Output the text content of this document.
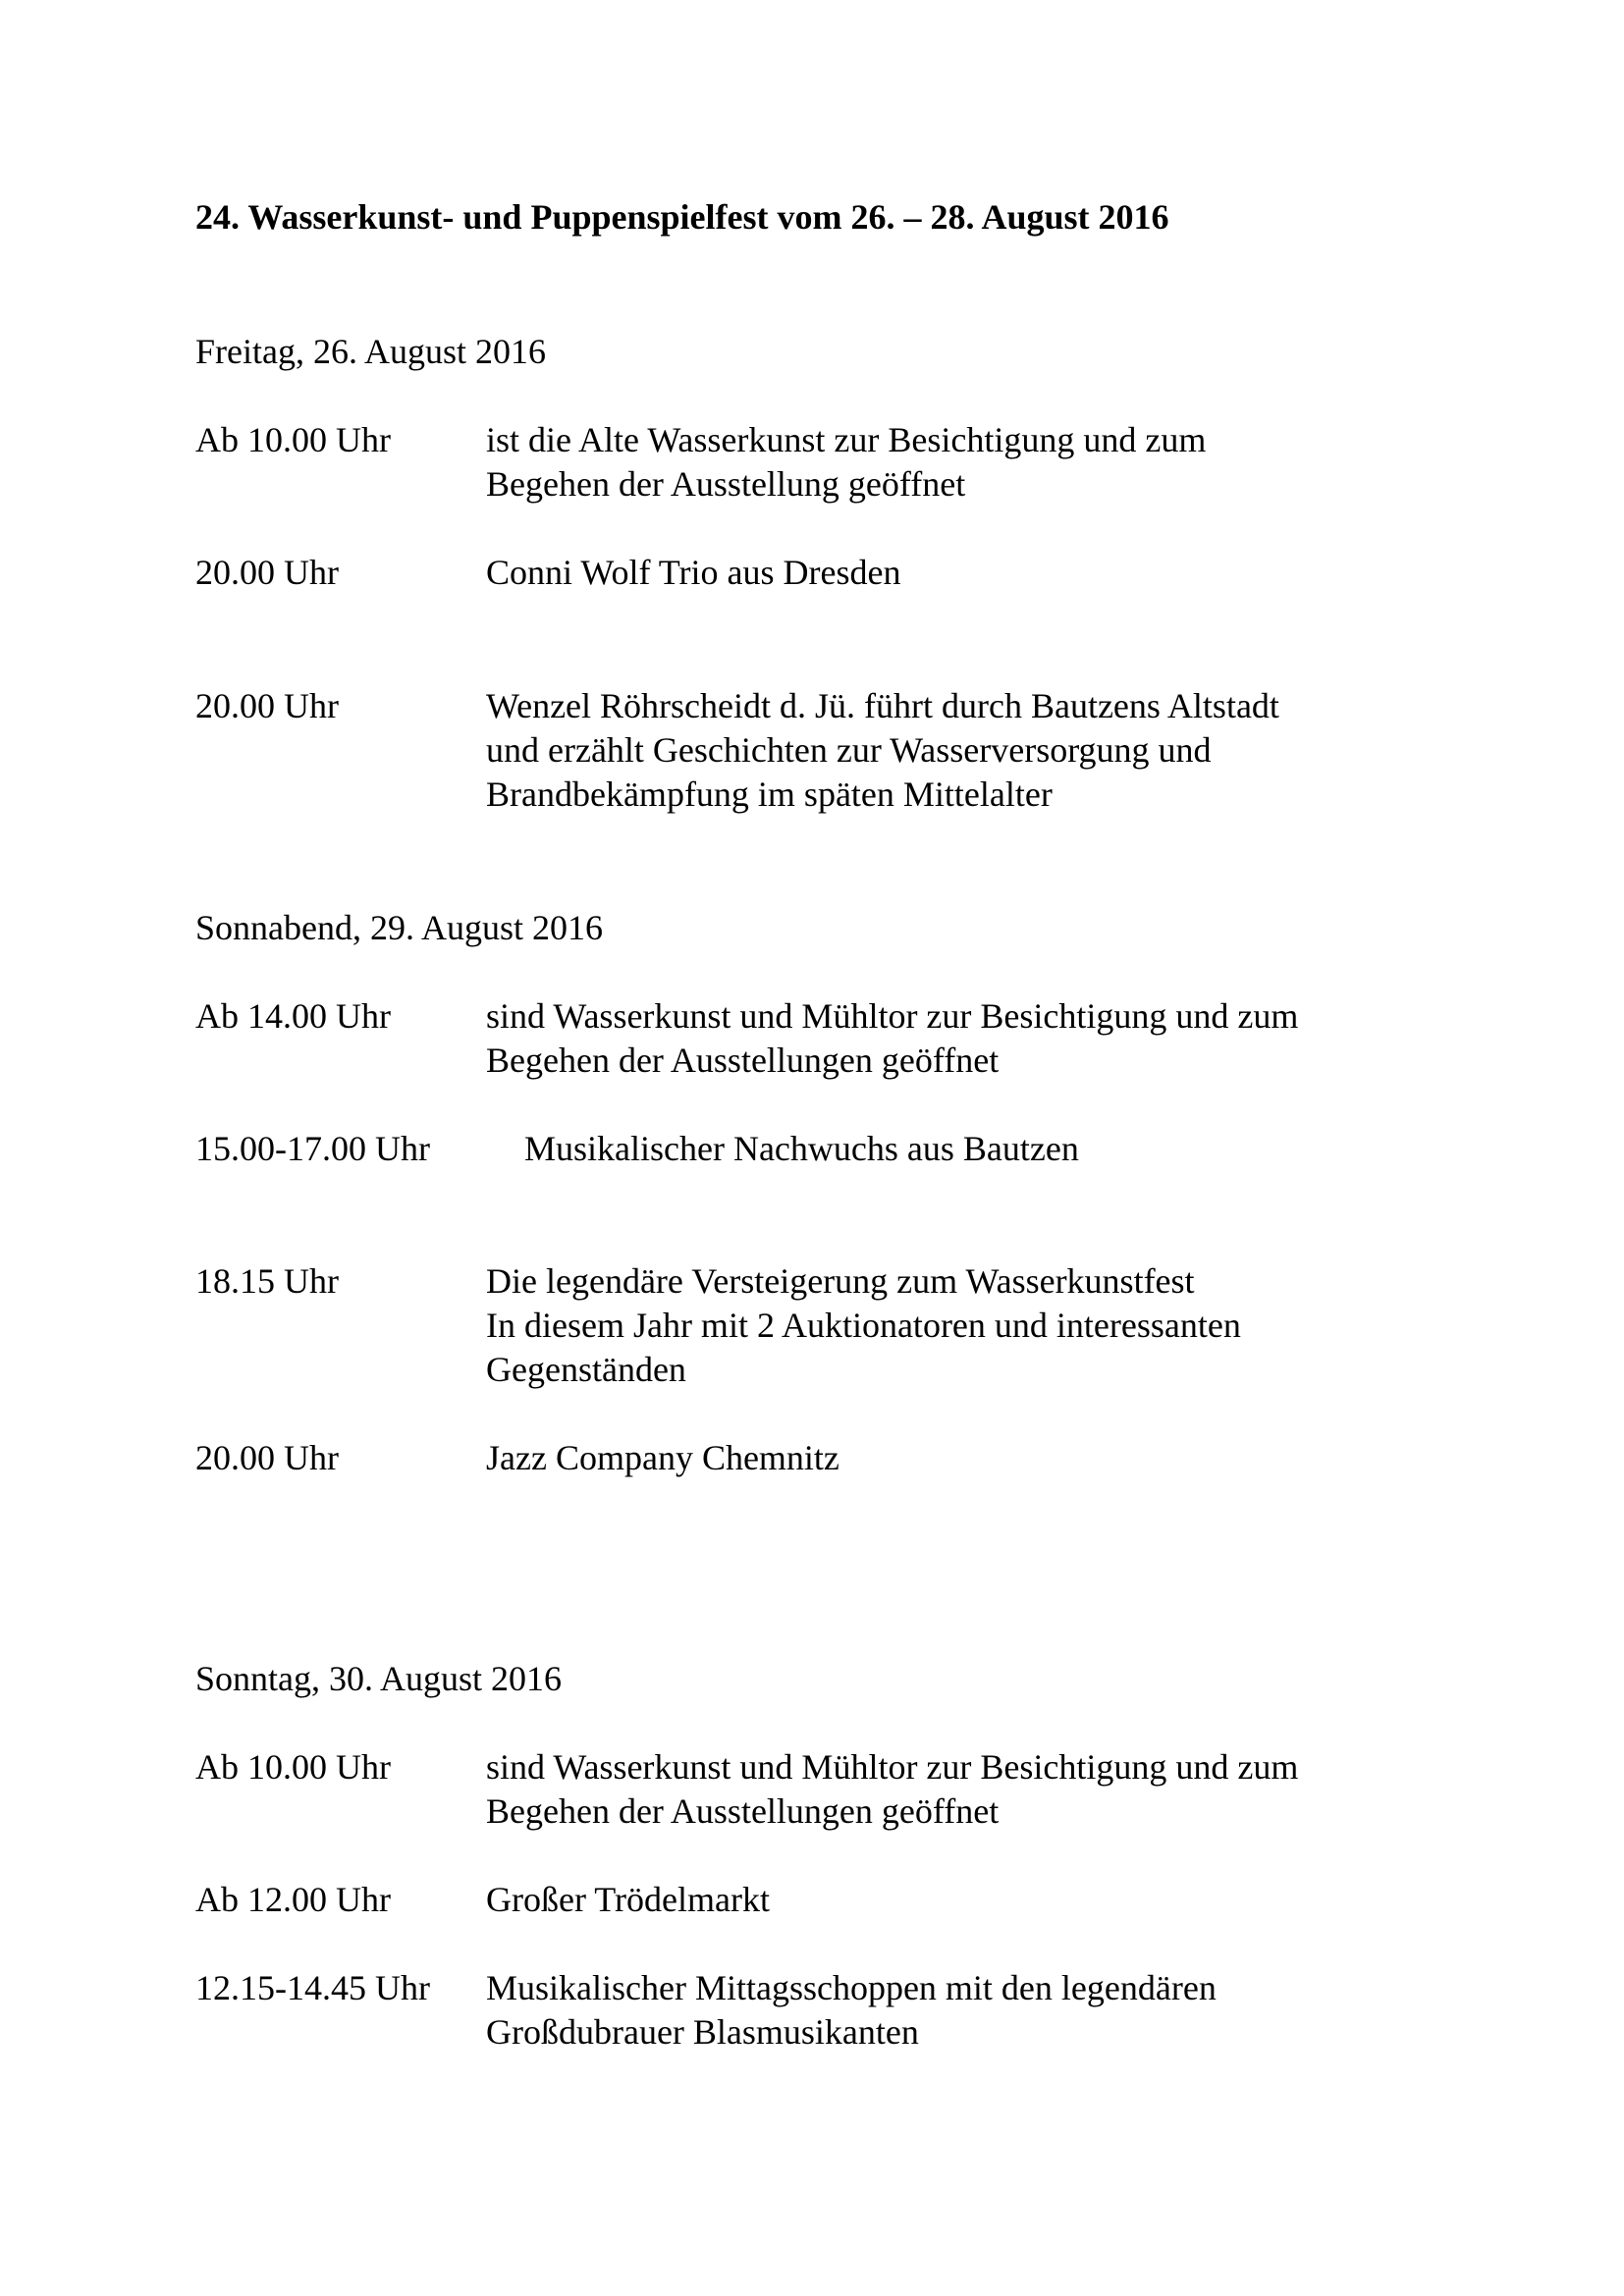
24. Wasserkunst- und Puppenspielfest vom 26. – 28. August 2016
Freitag, 26. August 2016
Ab 10.00 Uhr	ist die Alte Wasserkunst zur Besichtigung und zum
Begehen der Ausstellung geöffnet
20.00 Uhr	Conni Wolf Trio aus Dresden
20.00 Uhr	Wenzel Röhrscheidt d. Jü. führt durch Bautzens Altstadt
und erzählt Geschichten zur Wasserversorgung und
Brandbekämpfung im späten Mittelalter
Sonnabend, 29. August 2016
Ab 14.00 Uhr	sind Wasserkunst und Mühltor zur Besichtigung und zum
Begehen der Ausstellungen geöffnet
15.00-17.00 Uhr	Musikalischer Nachwuchs aus Bautzen
18.15 Uhr	Die legendäre Versteigerung zum Wasserkunstfest
In diesem Jahr mit 2 Auktionatoren und interessanten
Gegenständen
20.00 Uhr	Jazz Company Chemnitz
Sonntag, 30. August 2016
Ab 10.00 Uhr	sind Wasserkunst und Mühltor zur Besichtigung und zum
Begehen der Ausstellungen geöffnet
Ab 12.00 Uhr	Großer Trödelmarkt
12.15-14.45 Uhr Musikalischer Mittagsschoppen mit den legendären
Großdubrauer Blasmusikanten
